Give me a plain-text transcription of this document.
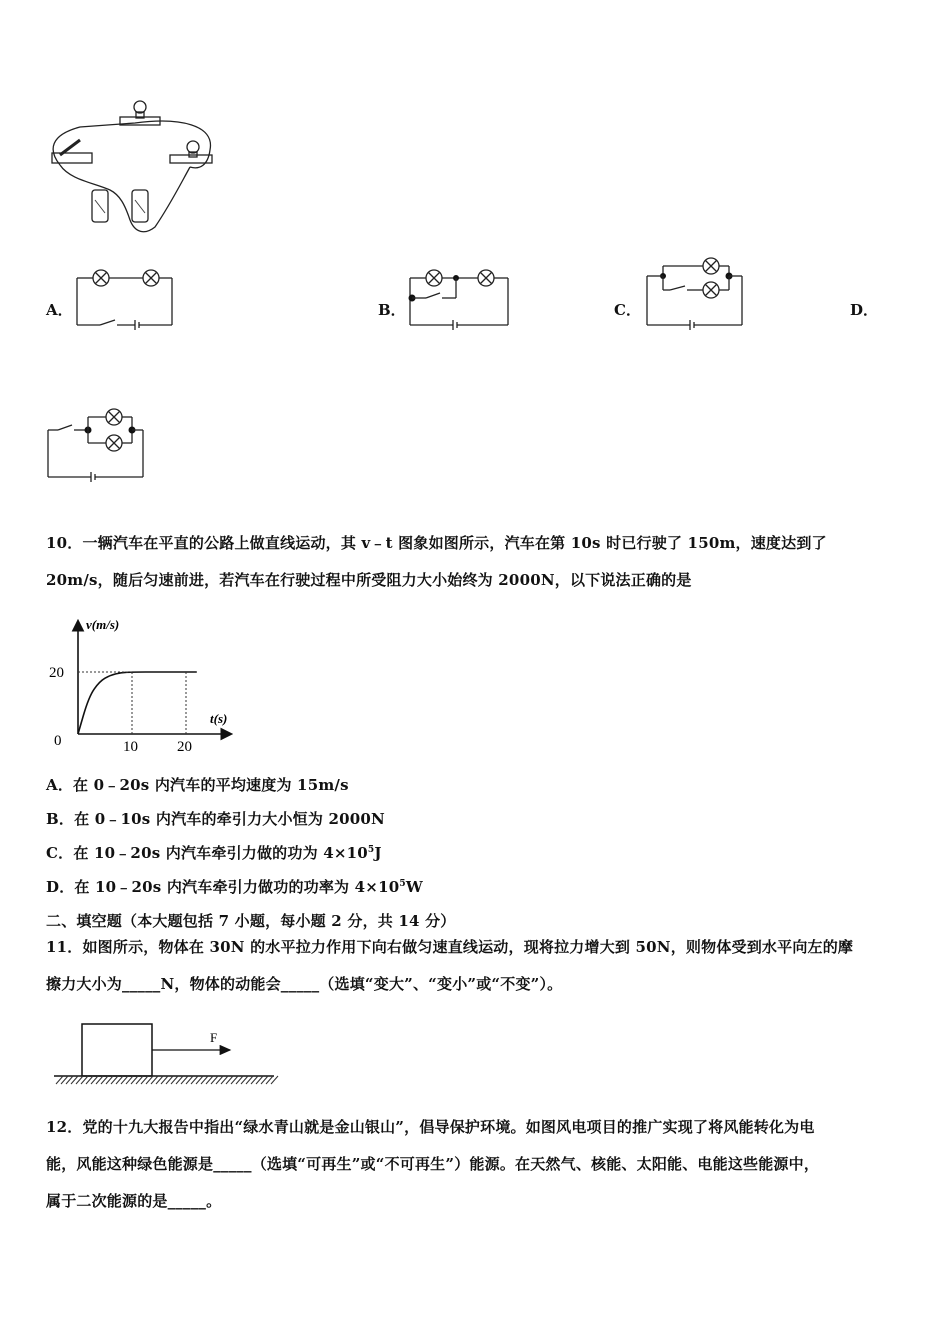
A．	B．	C．	D．
10．一辆汽车在平直的公路上做直线运动，其 v﹣t 图象如图所示，汽车在第 10s 时已行驶了 150m，速度达到了
20m/s，随后匀速前进，若汽车在行驶过程中所受阻力大小始终为 2000N，以下说法正确的是
v(m/s)
t(s)
0
20
10	20
A．在 0﹣20s 内汽车的平均速度为 15m/s
B．在 0﹣10s 内汽车的牵引力大小恒为 2000N
C．在 10﹣20s 内汽车牵引力做的功为 $4\times 10^5J$
D．在 10﹣20s 内汽车牵引力做功的功率为 $4\times 10^5W$
二、填空题（本大题包括 7 小题，每小题 2 分，共 14 分）
11．如图所示，物体在 30N 的水平拉力作用下向右做匀速直线运动，现将拉力增大到 50N，则物体受到水平向左的摩
擦力大小为_____N，物体的动能会_____（选填“变大”、“变小”或“不变”）。
F
12．党的十九大报告中指出“绿水青山就是金山银山”，倡导保护环境。如图风电项目的推广实现了将风能转化为电
能，风能这种绿色能源是_____（选填“可再生”或“不可再生”）能源。在天然气、核能、太阳能、电能这些能源中，
属于二次能源的是_____。
